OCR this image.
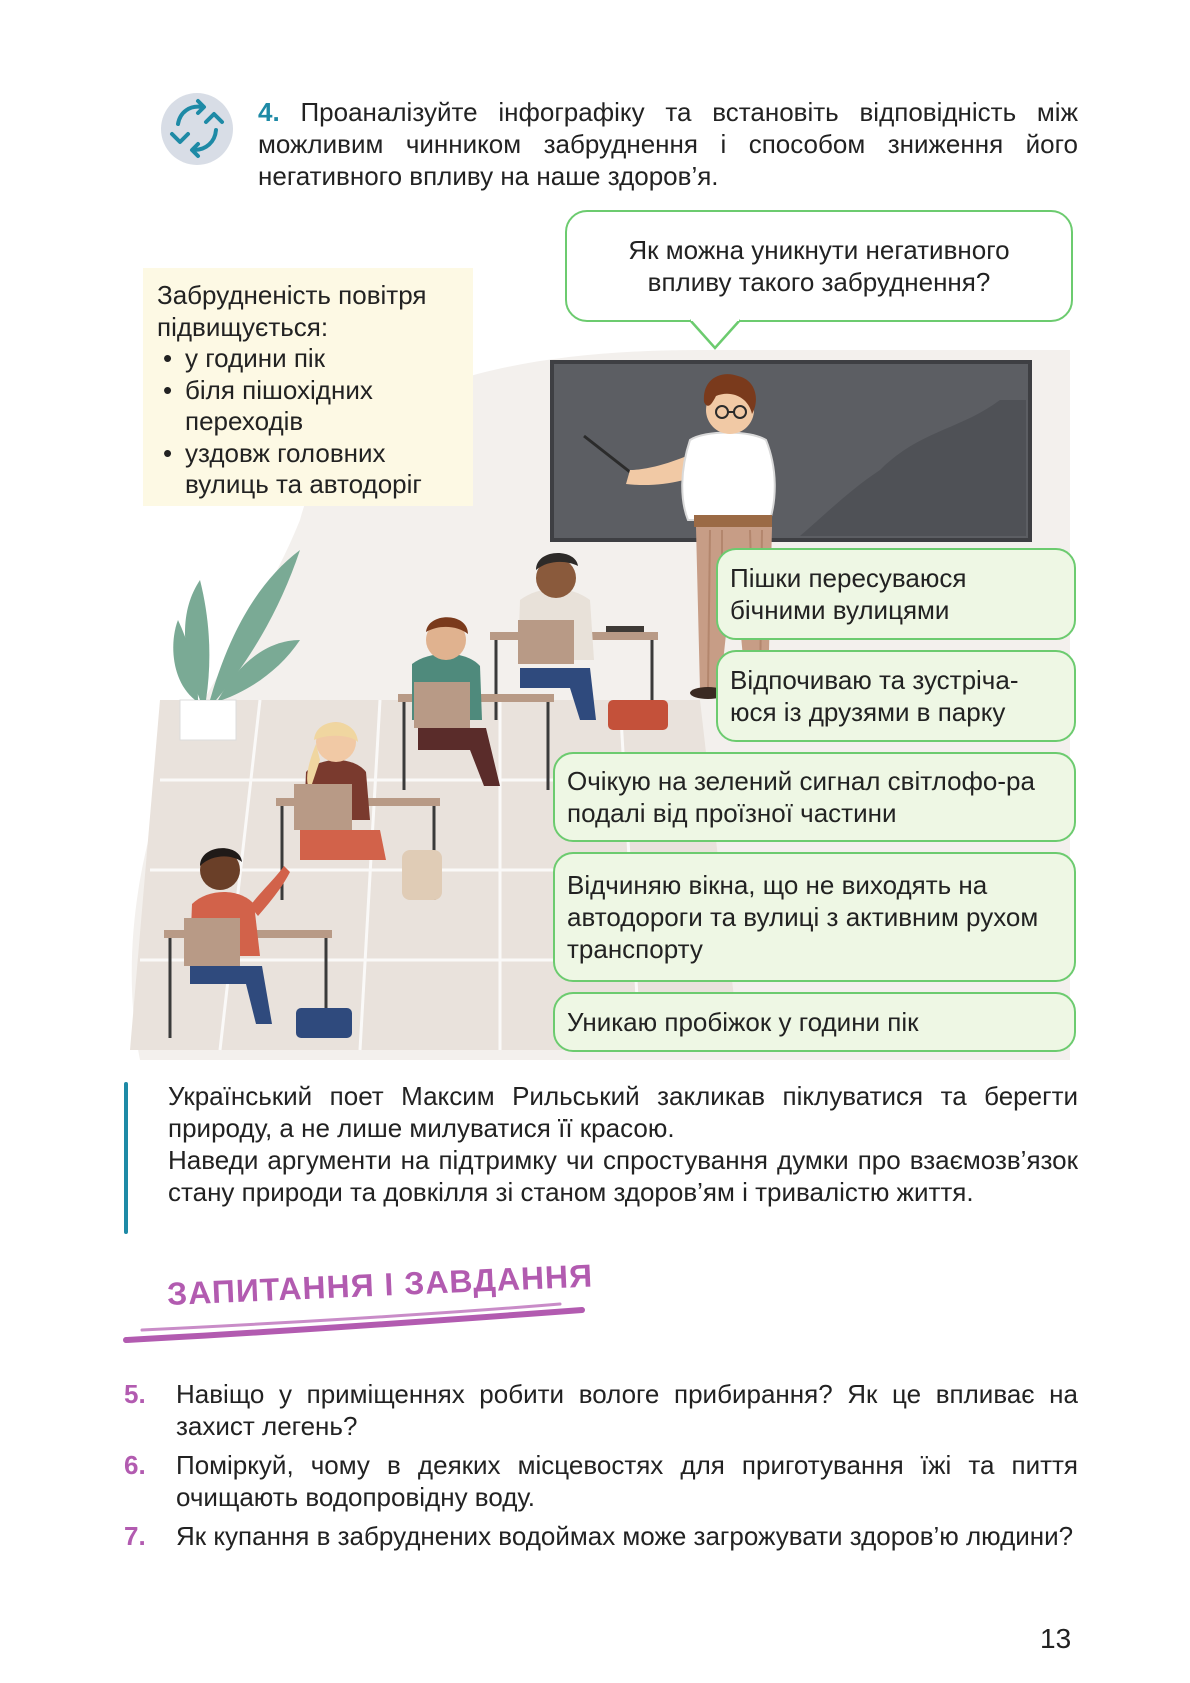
4. Проаналізуйте інфографіку та встановіть відповідність між можливим чинником забруднення і способом зниження його негативного впливу на наше здоров’я.
Як можна уникнути негативного
впливу такого забруднення?
Забрудненість повітря
підвищується:
• у години пік
• біля пішохідних переходів
• уздовж головних вулиць та автодоріг
Пішки пересуваюся бічними вулицями
Відпочиваю та зустріча-юся із друзями в парку
Очікую на зелений сигнал світлофо-ра подалі від проїзної частини
Відчиняю вікна, що не виходять на автодороги та вулиці з активним рухом транспорту
Уникаю пробіжок у години пік

Український поет Максим Рильський закликав піклуватися та берегти природу, а не лише милуватися її красою.

Наведи аргументи на підтримку чи спростування думки про взаємозв’язок стану природи та довкілля зі станом здоров’ям і тривалістю життя.

ЗАПИТАННЯ І ЗАВДАННЯ
5. Навіщо у приміщеннях робити вологе прибирання? Як це впливає на захист легень?
6. Поміркуй, чому в деяких місцевостях для приготування їжі та пиття очищають водопровідну воду.
7. Як купання в забруднених водоймах може загрожувати здоров’ю людини?
13
